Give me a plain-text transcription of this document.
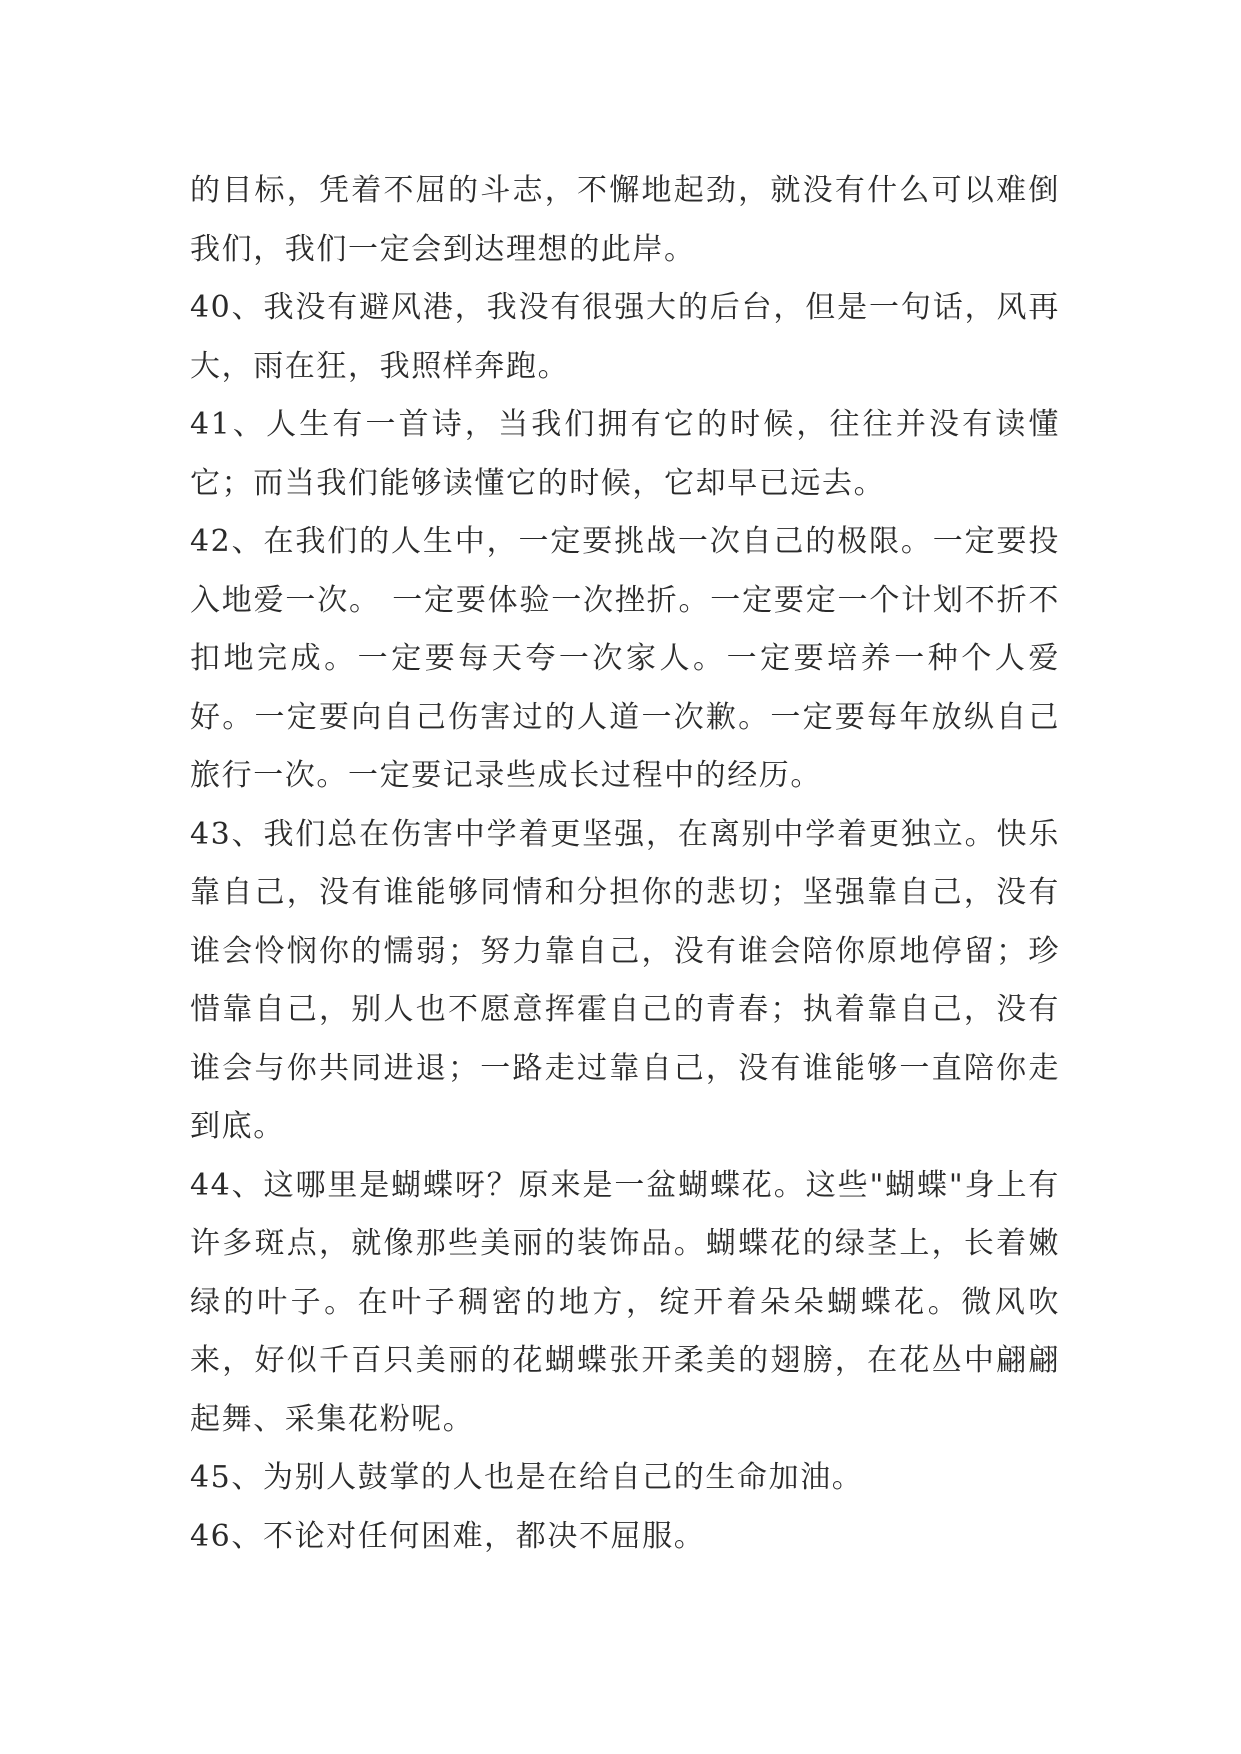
的目标，凭着不屈的斗志，不懈地起劲，就没有什么可以难倒我们，我们一定会到达理想的此岸。

40、我没有避风港，我没有很强大的后台，但是一句话，风再大，雨在狂，我照样奔跑。

41、人生有一首诗，当我们拥有它的时候，往往并没有读懂它；而当我们能够读懂它的时候，它却早已远去。

42、在我们的人生中，一定要挑战一次自己的极限。一定要投入地爱一次。 一定要体验一次挫折。一定要定一个计划不折不扣地完成。一定要每天夸一次家人。一定要培养一种个人爱好。一定要向自己伤害过的人道一次歉。一定要每年放纵自己旅行一次。一定要记录些成长过程中的经历。

43、我们总在伤害中学着更坚强，在离别中学着更独立。快乐靠自己，没有谁能够同情和分担你的悲切；坚强靠自己，没有谁会怜悯你的懦弱；努力靠自己，没有谁会陪你原地停留；珍惜靠自己，别人也不愿意挥霍自己的青春；执着靠自己，没有谁会与你共同进退；一路走过靠自己，没有谁能够一直陪你走到底。

44、这哪里是蝴蝶呀？原来是一盆蝴蝶花。这些"蝴蝶"身上有许多斑点，就像那些美丽的装饰品。蝴蝶花的绿茎上，长着嫩绿的叶子。在叶子稠密的地方，绽开着朵朵蝴蝶花。微风吹来，好似千百只美丽的花蝴蝶张开柔美的翅膀，在花丛中翩翩起舞、采集花粉呢。

45、为别人鼓掌的人也是在给自己的生命加油。

46、不论对任何困难，都决不屈服。
